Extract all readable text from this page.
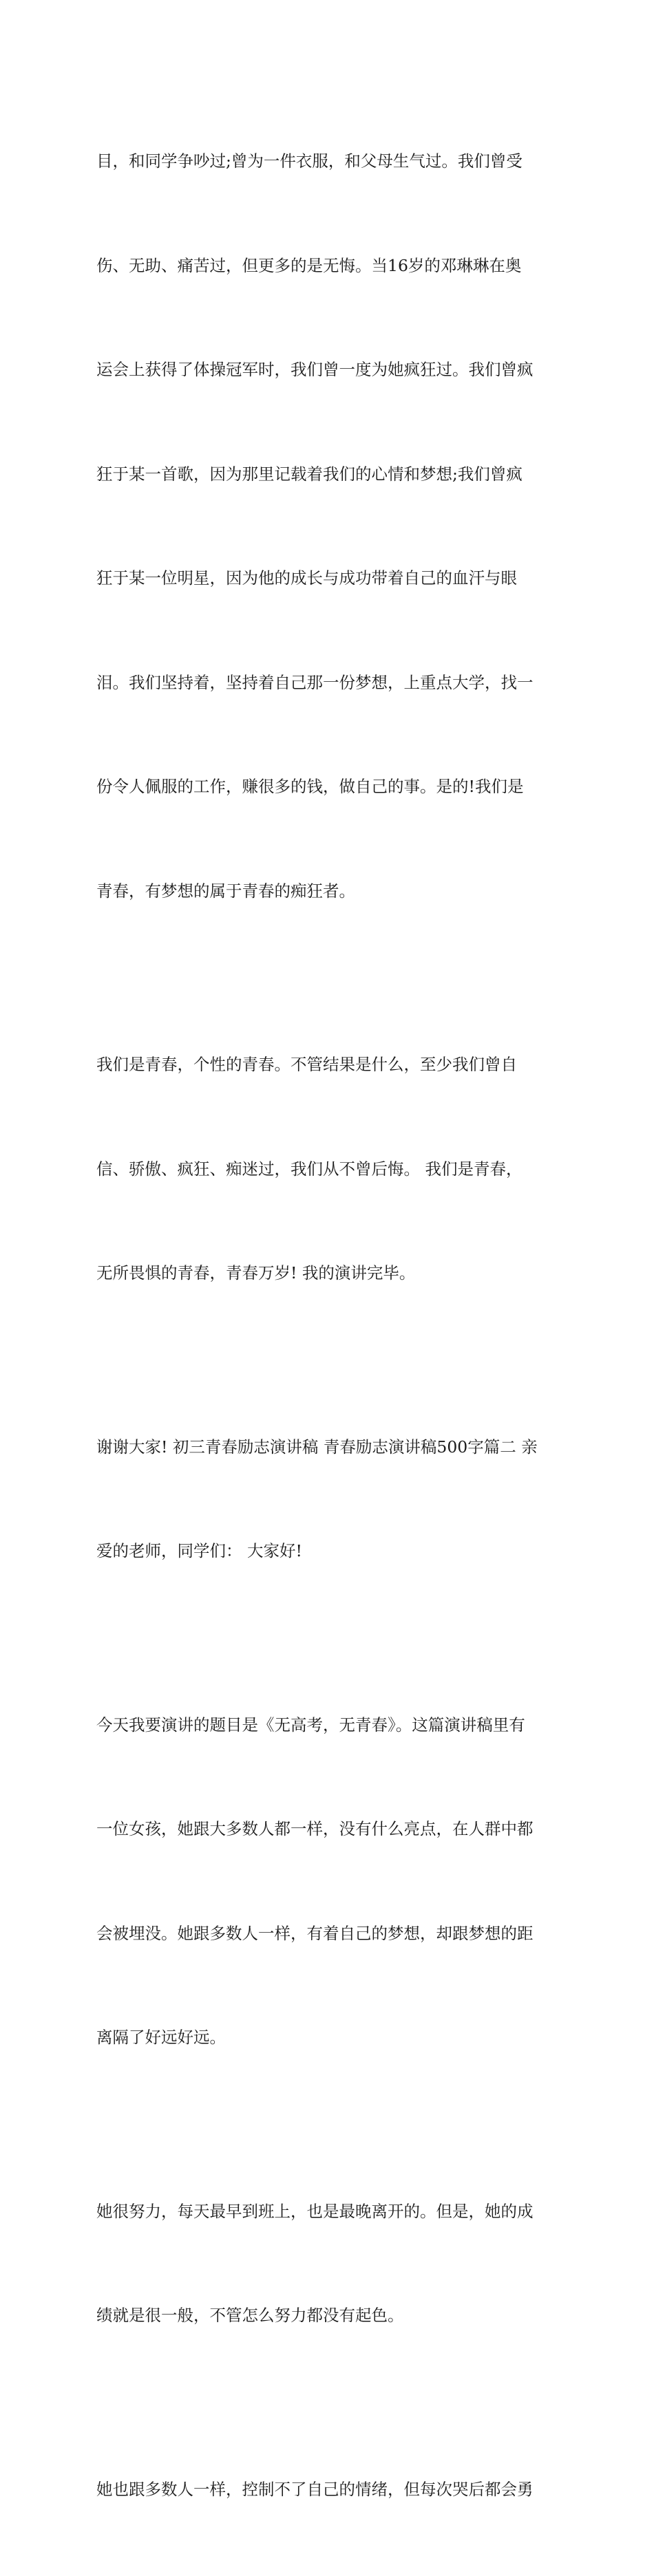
目，和同学争吵过;曾为一件衣服，和父母生气过。我们曾受

伤、无助、痛苦过，但更多的是无悔。当16岁的邓琳琳在奥

运会上获得了体操冠军时，我们曾一度为她疯狂过。我们曾疯

狂于某一首歌，因为那里记载着我们的心情和梦想;我们曾疯

狂于某一位明星，因为他的成长与成功带着自己的血汗与眼

泪。我们坚持着，坚持着自己那一份梦想，上重点大学，找一

份令人佩服的工作，赚很多的钱，做自己的事。是的!我们是

青春，有梦想的属于青春的痴狂者。

我们是青春，个性的青春。不管结果是什么，至少我们曾自

信、骄傲、疯狂、痴迷过，我们从不曾后悔。 我们是青春，

无所畏惧的青春，青春万岁! 我的演讲完毕。

谢谢大家! 初三青春励志演讲稿 青春励志演讲稿500字篇二 亲

爱的老师，同学们： 大家好!

今天我要演讲的题目是《无高考，无青春》。这篇演讲稿里有

一位女孩，她跟大多数人都一样，没有什么亮点，在人群中都

会被埋没。她跟多数人一样，有着自己的梦想，却跟梦想的距

离隔了好远好远。

她很努力，每天最早到班上，也是最晚离开的。但是，她的成

绩就是很一般，不管怎么努力都没有起色。

她也跟多数人一样，控制不了自己的情绪，但每次哭后都会勇
